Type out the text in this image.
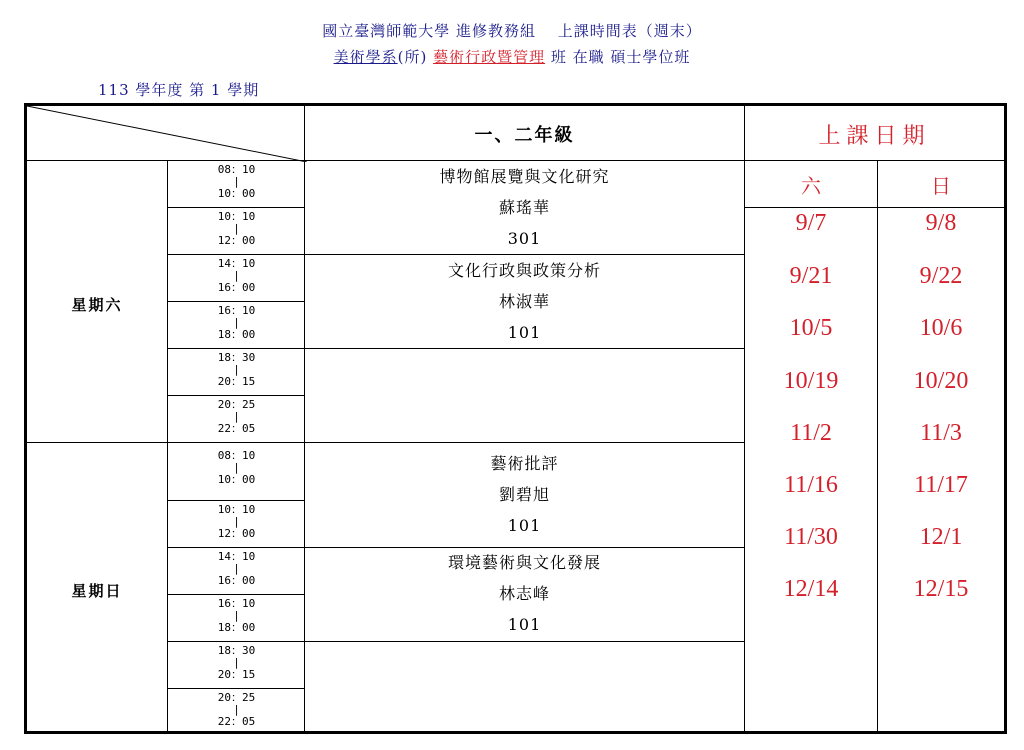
國立臺灣師範大學 進修教務組　 上課時間表（週末）
美術學系(所) 藝術行政暨管理 班 在職 碩士學位班
113 學年度 第 1 學期
一、二年級	上課日期
六	日
星期六
星期日
08：10
|
10：00
10：10
|
12：00
14：10
|
16：00
16：10
|
18：00
18：30
|
20：15
20：25
|
22：05
08：10
|
10：00
10：10
|
12：00
14：10
|
16：00
16：10
|
18：00
18：30
|
20：15
20：25
|
22：05
博物館展覽與文化研究
蘇瑤華
301
文化行政與政策分析
林淑華
101
藝術批評
劉碧旭
101
環境藝術與文化發展
林志峰
101
9/7
9/21
10/5
10/19
11/2
11/16
11/30
12/14
9/8
9/22
10/6
10/20
11/3
11/17
12/1
12/15
